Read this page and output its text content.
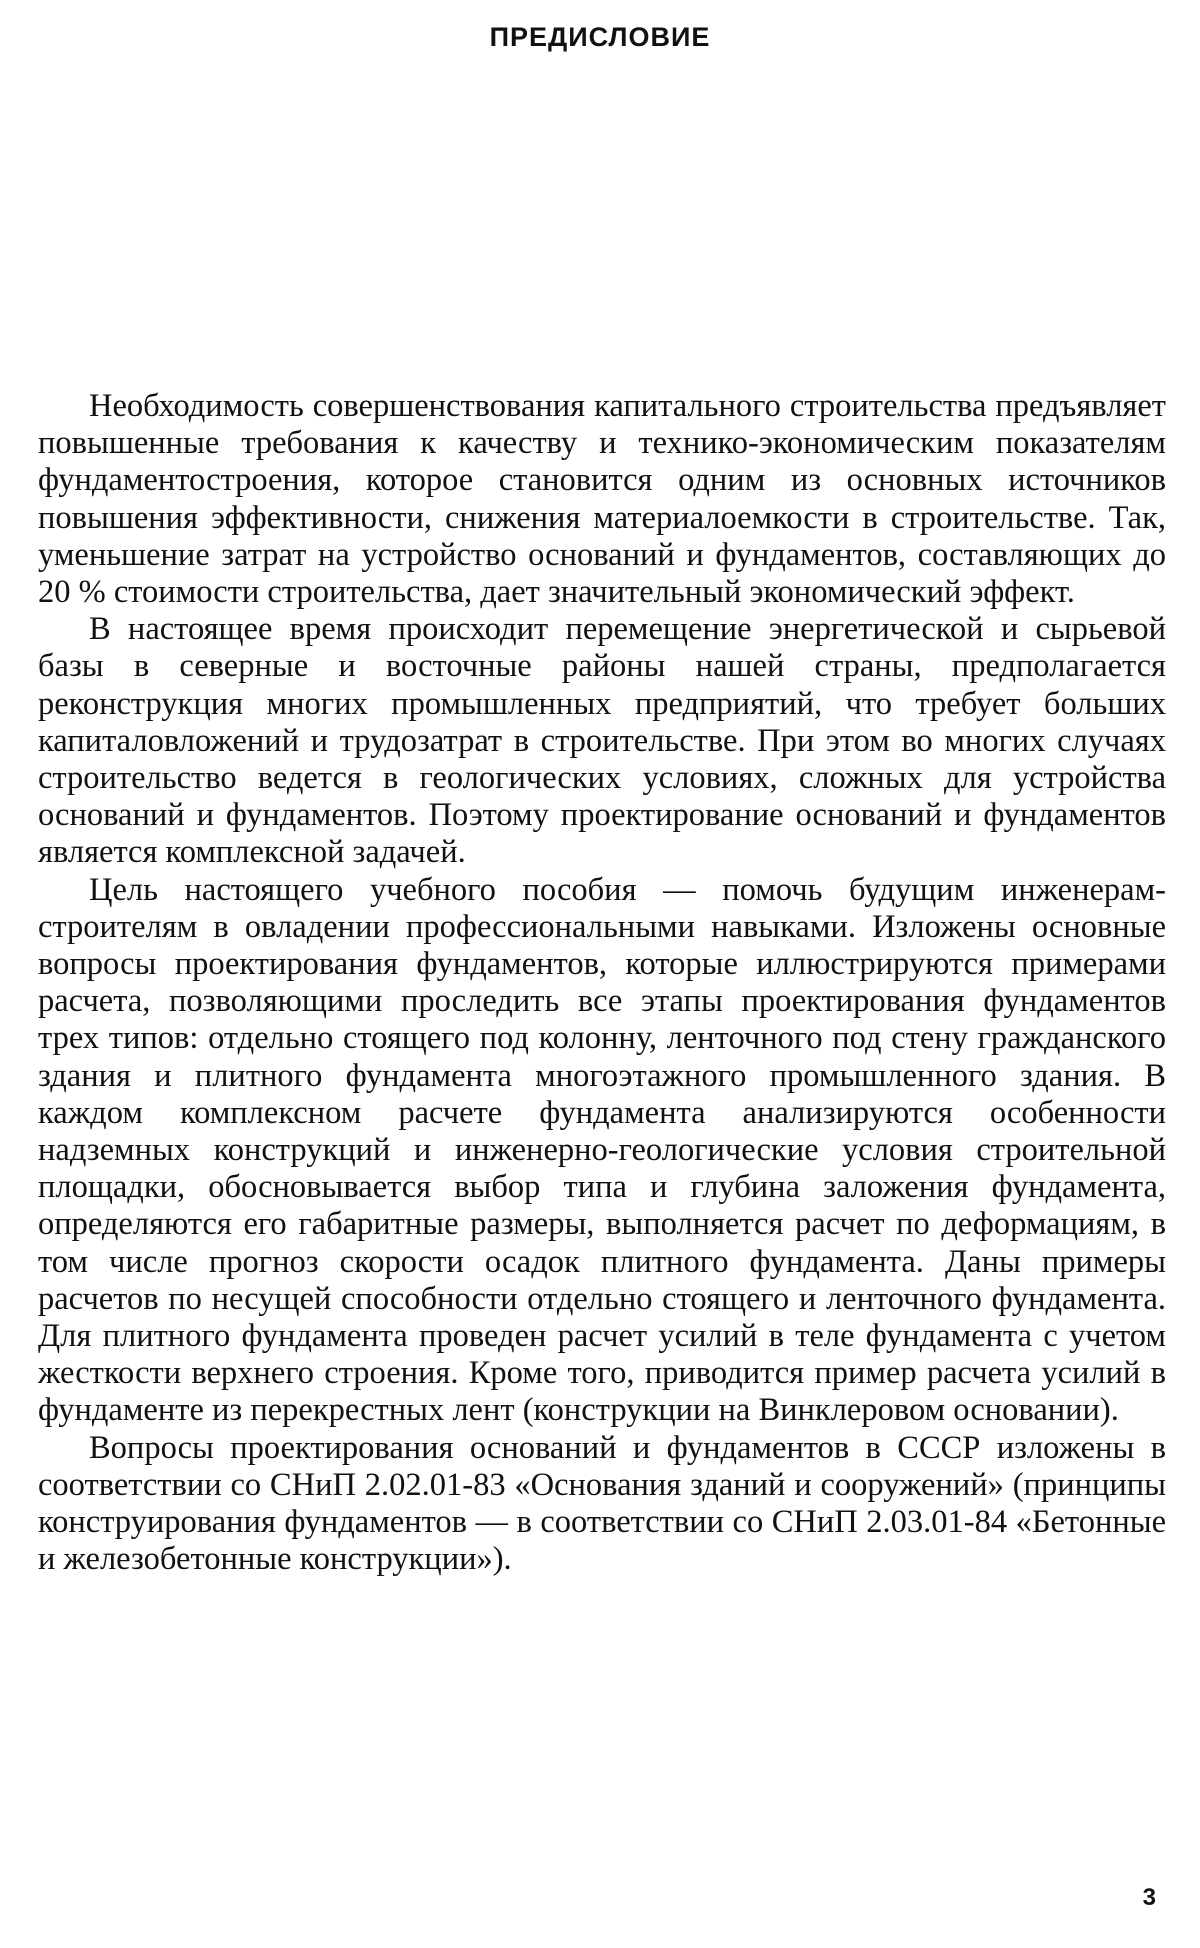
ПРЕДИСЛОВИЕ

Необходимость совершенствования капитального строительства предъявляет повышенные требования к качеству и технико-экономическим показателям фундаментостроения, которое становится одним из основных источников повышения эффективности, снижения материалоемкости в строительстве. Так, уменьшение затрат на устройство оснований и фундаментов, составляющих до 20 % стоимости строительства, дает значительный экономический эффект.

В настоящее время происходит перемещение энергетической и сырьевой базы в северные и восточные районы нашей страны, предполагается реконструкция многих промышленных предприятий, что требует больших капиталовложений и трудозатрат в строительстве. При этом во многих случаях строительство ведется в геологических условиях, сложных для устройства оснований и фундаментов. Поэтому проектирование оснований и фундаментов является комплексной задачей.

Цель настоящего учебного пособия — помочь будущим инженерам-строителям в овладении профессиональными навыками. Изложены основные вопросы проектирования фундаментов, которые иллюстрируются примерами расчета, позволяющими проследить все этапы проектирования фундаментов трех типов: отдельно стоящего под колонну, ленточного под стену гражданского здания и плитного фундамента многоэтажного промышленного здания. В каждом комплексном расчете фундамента анализируются особенности надземных конструкций и инженерно-геологические условия строительной площадки, обосновывается выбор типа и глубина заложения фундамента, определяются его габаритные размеры, выполняется расчет по деформациям, в том числе прогноз скорости осадок плитного фундамента. Даны примеры расчетов по несущей способности отдельно стоящего и ленточного фундамента. Для плитного фундамента проведен расчет усилий в теле фундамента с учетом жесткости верхнего строения. Кроме того, приводится пример расчета усилий в фундаменте из перекрестных лент (конструкции на Винклеровом основании).

Вопросы проектирования оснований и фундаментов в СССР изложены в соответствии со СНиП 2.02.01-83 «Основания зданий и сооружений» (принципы конструирования фундаментов — в соответствии со СНиП 2.03.01-84 «Бетонные и железобетонные конструкции»).

3
